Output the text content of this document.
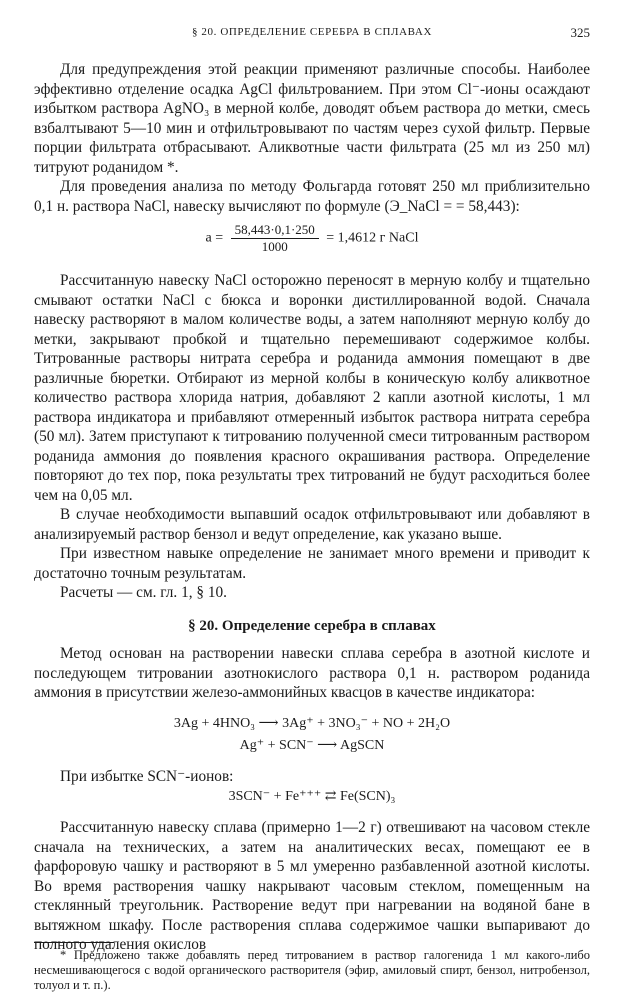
§ 20. ОПРЕДЕЛЕНИЕ СЕРЕБРА В СПЛАВАХ	325

Для предупреждения этой реакции применяют различные способы. Наиболее эффективно отделение осадка AgCl фильтрованием. При этом Cl⁻-ионы осаждают избытком раствора AgNO₃ в мерной колбе, доводят объем раствора до метки, смесь взбалтывают 5—10 мин и отфильтровывают по частям через сухой фильтр. Первые порции фильтрата отбрасывают. Аликвотные части фильтрата (25 мл из 250 мл) титруют роданидом *.

Для проведения анализа по методу Фольгарда готовят 250 мл приблизительно 0,1 н. раствора NaCl, навеску вычисляют по формуле (Э_NaCl = = 58,443):

$a = \frac{58,443\cdot 0,1\cdot 250}{1000} = 1,4612$ г NaCl

Рассчитанную навеску NaCl осторожно переносят в мерную колбу и тщательно смывают остатки NaCl с бюкса и воронки дистиллированной водой. Сначала навеску растворяют в малом количестве воды, а затем наполняют мерную колбу до метки, закрывают пробкой и тщательно перемешивают содержимое колбы. Титрованные растворы нитрата серебра и роданида аммония помещают в две различные бюретки. Отбирают из мерной колбы в коническую колбу аликвотное количество раствора хлорида натрия, добавляют 2 капли азотной кислоты, 1 мл раствора индикатора и прибавляют отмеренный избыток раствора нитрата серебра (50 мл). Затем приступают к титрованию полученной смеси титрованным раствором роданида аммония до появления красного окрашивания раствора. Определение повторяют до тех пор, пока результаты трех титрований не будут расходиться более чем на 0,05 мл.

В случае необходимости выпавший осадок отфильтровывают или добавляют в анализируемый раствор бензол и ведут определение, как указано выше.

При известном навыке определение не занимает много времени и приводит к достаточно точным результатам.

Расчеты — см. гл. 1, § 10.

§ 20. Определение серебра в сплавах

Метод основан на растворении навески сплава серебра в азотной кислоте и последующем титровании азотнокислого раствора 0,1 н. раствором роданида аммония в присутствии железо-аммонийных квасцов в качестве индикатора:

3Ag + 4HNO₃ ⟶ 3Ag⁺ + 3NO₃⁻ + NO + 2H₂O
Ag⁺ + SCN⁻ ⟶ AgSCN

При избытке SCN⁻-ионов:

3SCN⁻ + Fe⁺⁺⁺ ⇄ Fe(SCN)₃

Рассчитанную навеску сплава (примерно 1—2 г) отвешивают на часовом стекле сначала на технических, а затем на аналитических весах, помещают ее в фарфоровую чашку и растворяют в 5 мл умеренно разбавленной азотной кислоты. Во время растворения чашку накрывают часовым стеклом, помещенным на стеклянный треугольник. Растворение ведут при нагревании на водяной бане в вытяжном шкафу. После растворения сплава содержимое чашки выпаривают до полного удаления окислов

* Предложено также добавлять перед титрованием в раствор галогенида 1 мл какого-либо несмешивающегося с водой органического растворителя (эфир, амиловый спирт, бензол, нитробензол, толуол и т. п.).
